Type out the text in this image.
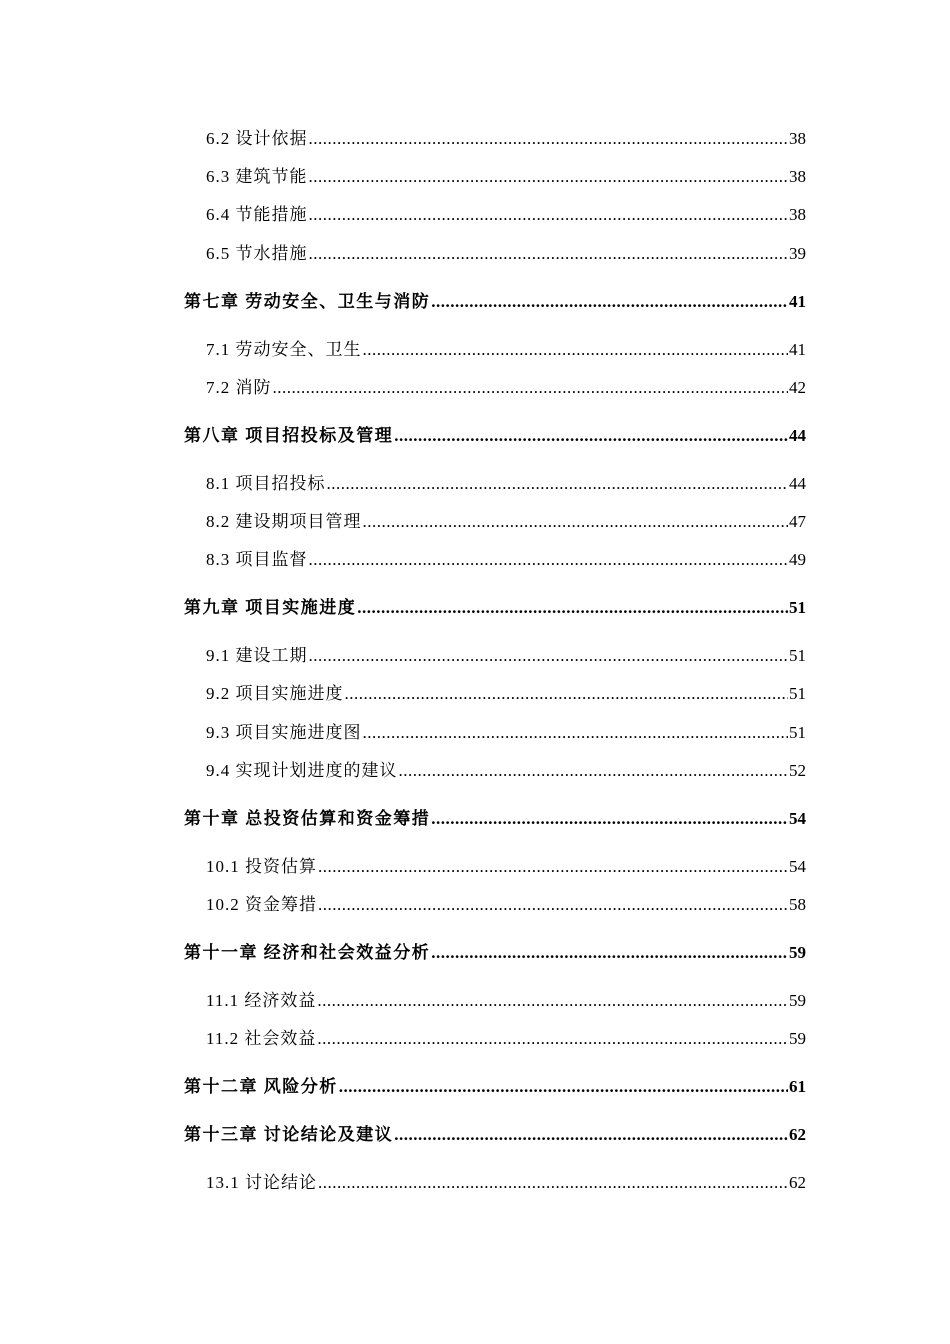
6.2 设计依据 .....	38
6.3 建筑节能 .....	38
6.4 节能措施 .....	38
6.5 节水措施 .....	39
第七章 劳动安全、卫生与消防 .....	41
7.1 劳动安全、卫生 .....	41
7.2 消防 .....	42
第八章 项目招投标及管理 .....	44
8.1 项目招投标 .....	44
8.2 建设期项目管理 .....	47
8.3 项目监督 .....	49
第九章 项目实施进度 .....	51
9.1 建设工期 .....	51
9.2 项目实施进度 .....	51
9.3 项目实施进度图 .....	51
9.4 实现计划进度的建议 .....	52
第十章 总投资估算和资金筹措 .....	54
10.1 投资估算 .....	54
10.2 资金筹措 .....	58
第十一章 经济和社会效益分析 .....	59
11.1 经济效益 .....	59
11.2 社会效益 .....	59
第十二章 风险分析 .....	61
第十三章 讨论结论及建议 .....	62
13.1 讨论结论 .....	62
